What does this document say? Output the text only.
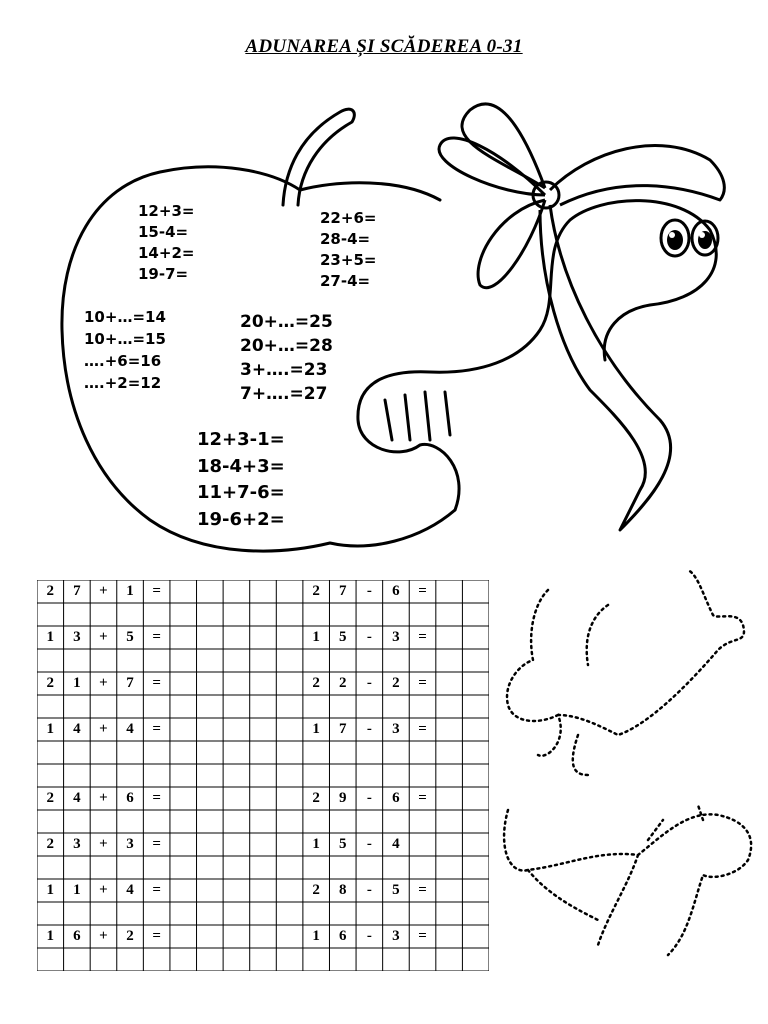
ADUNAREA ȘI SCĂDEREA 0-31
12+3=
15-4=
14+2=
19-7=
22+6=
28-4=
23+5=
27-4=
10+…=14
10+…=15
….+6=16
….+2=12
20+…=25
20+…=28
3+….=23
7+….=27
12+3-1=
18-4+3=
11+7-6=
19-6+2=
2	7	+	1	=	2	7	-	6	=
1	3	+	5	=	1	5	-	3	=
2	1	+	7	=	2	2	-	2	=
1	4	+	4	=	1	7	-	3	=
2	4	+	6	=	2	9	-	6	=
2	3	+	3	=	1	5	-	4
1	1	+	4	=	2	8	-	5	=
1	6	+	2	=	1	6	-	3	=
